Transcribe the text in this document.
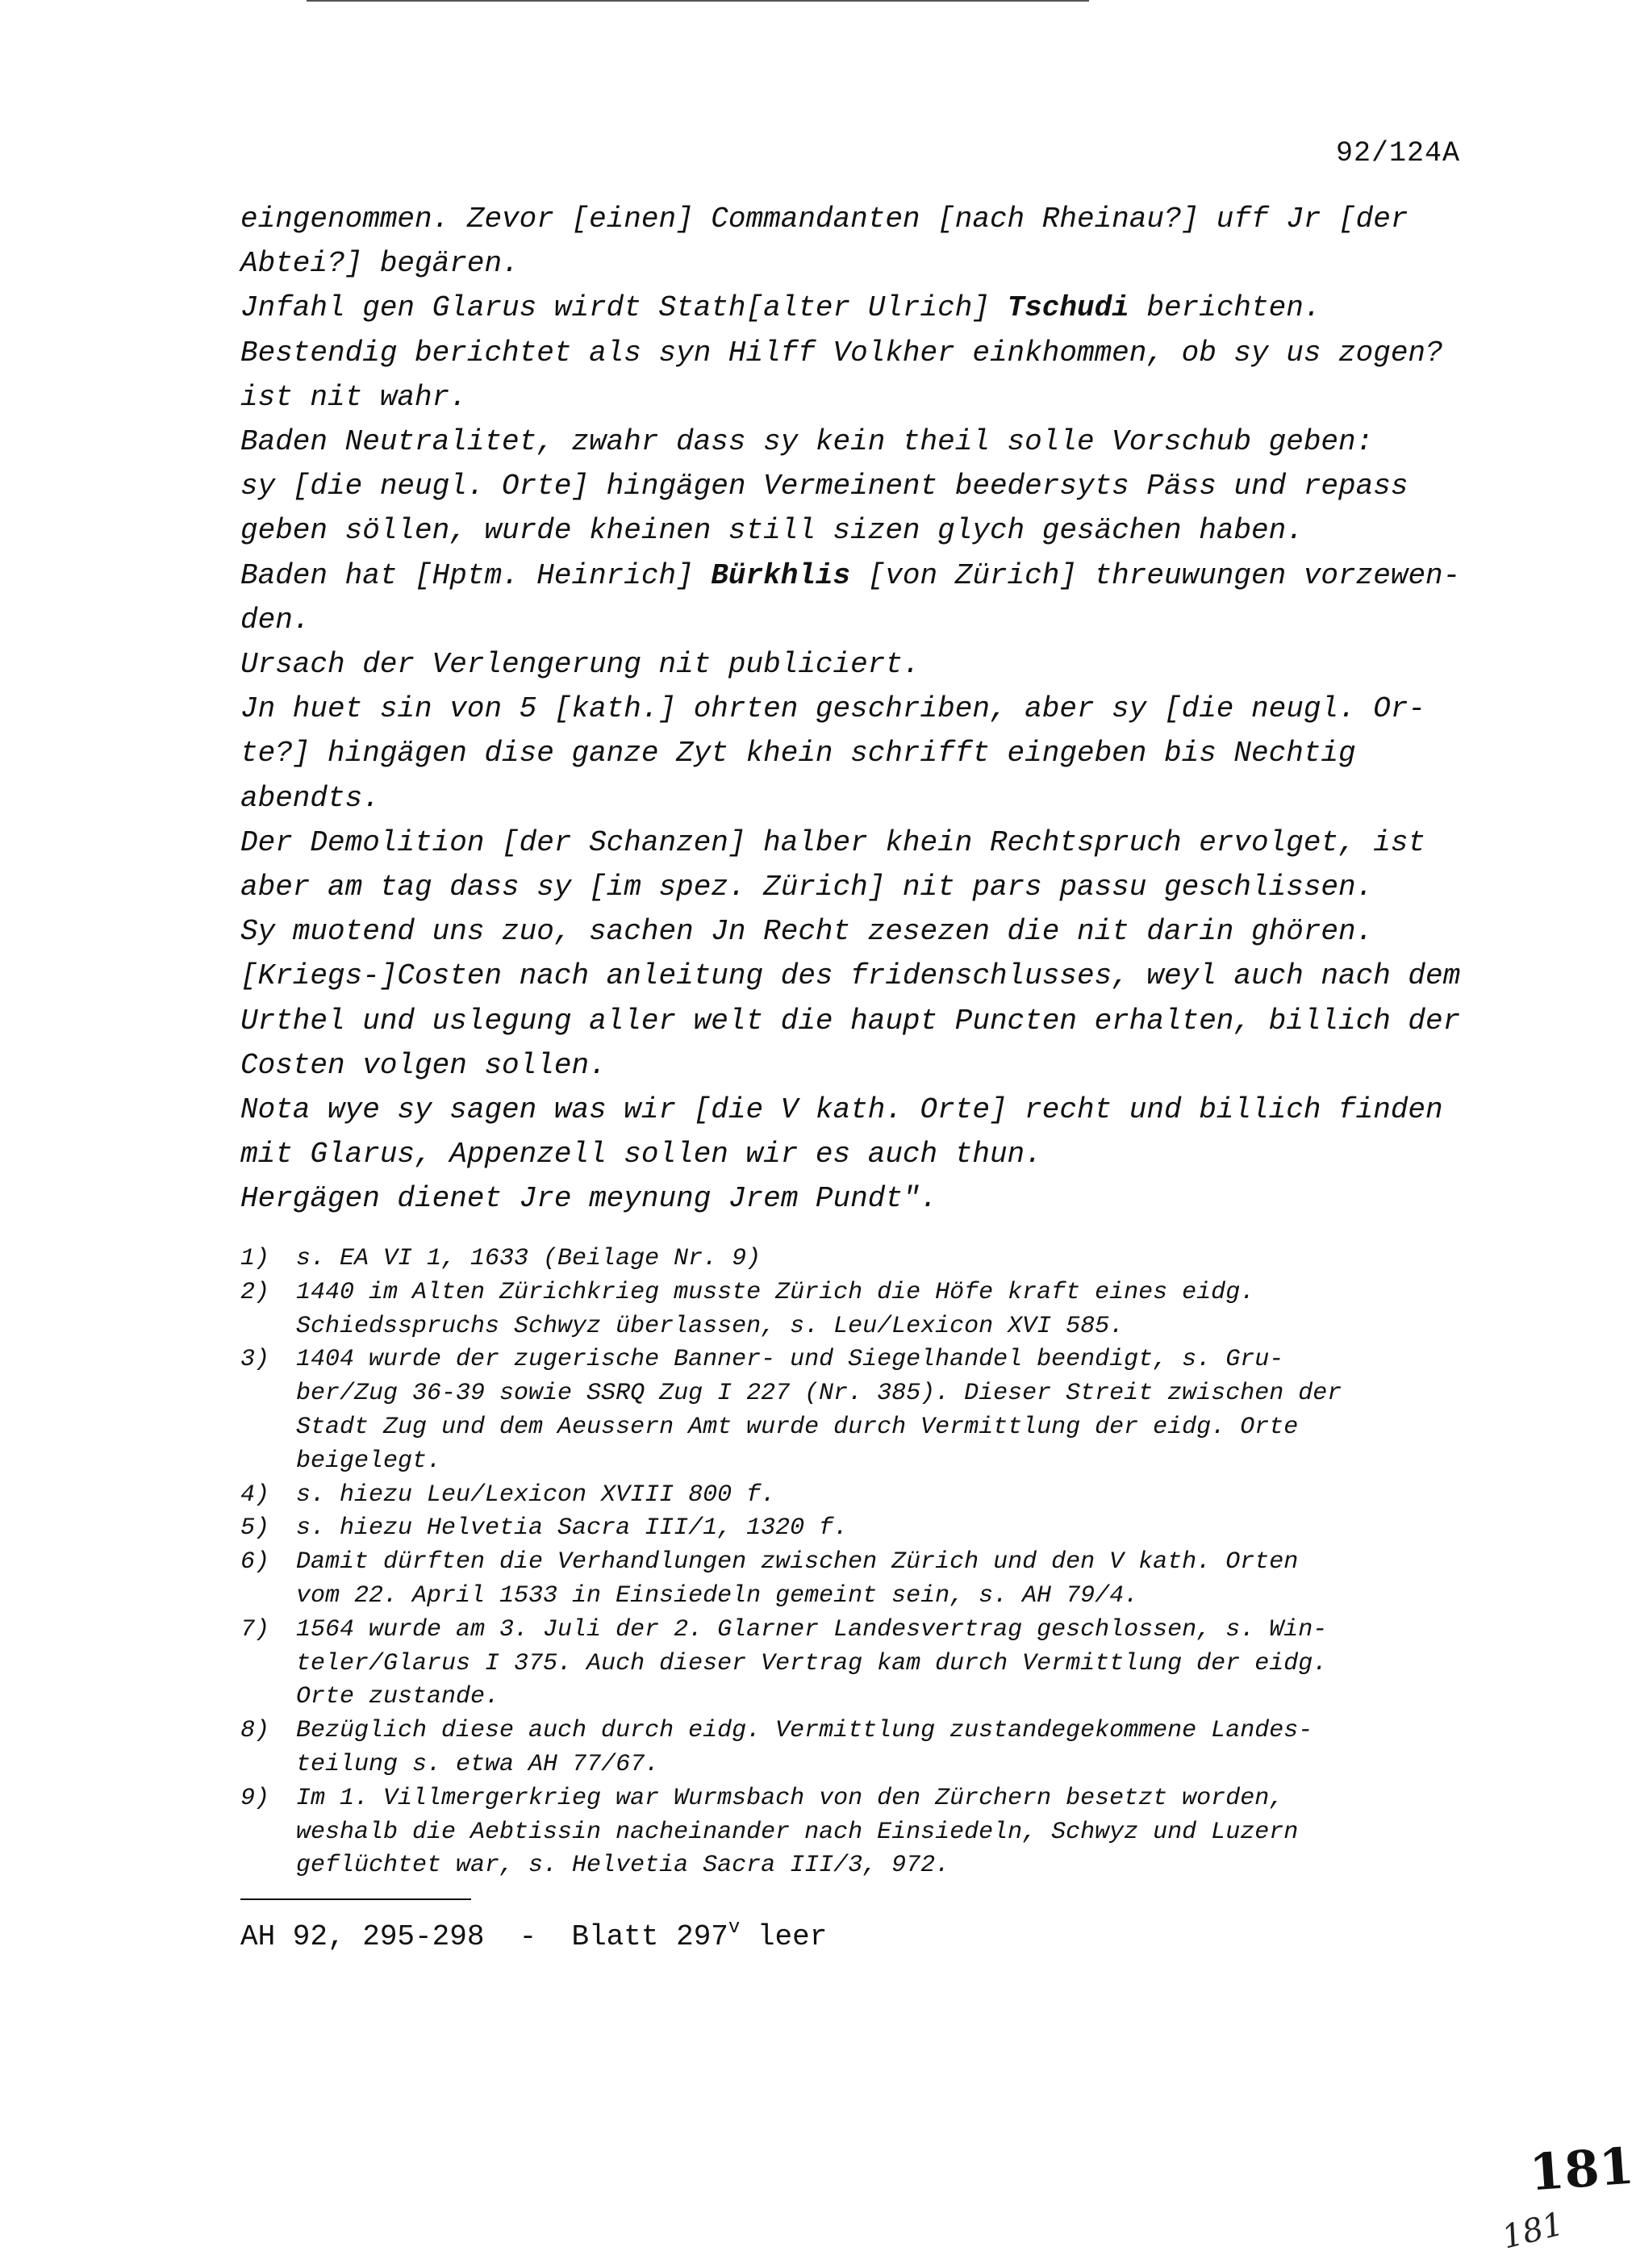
92/124A
eingenommen. Zevor [einen] Commandanten [nach Rheinau?] uff Jr [der
Abtei?] begären.
Jnfahl gen Glarus wirdt Stath[alter Ulrich] Tschudi berichten.
Bestendig berichtet als syn Hilff Volkher einkhommen, ob sy us zogen?
ist nit wahr.
Baden Neutralitet, zwahr dass sy kein theil solle Vorschub geben:
sy [die neugl. Orte] hingägen Vermeinent beedersyts Päss und repass
geben söllen, wurde kheinen still sizen glych gesächen haben.
Baden hat [Hptm. Heinrich] Bürkhlis [von Zürich] threuwungen vorzewen-
den.
Ursach der Verlengerung nit publiciert.
Jn huet sin von 5 [kath.] ohrten geschriben, aber sy [die neugl. Or-
te?] hingägen dise ganze Zyt khein schrifft eingeben bis Nechtig
abendts.
Der Demolition [der Schanzen] halber khein Rechtspruch ervolget, ist
aber am tag dass sy [im spez. Zürich] nit pars passu geschlissen.
Sy muotend uns zuo, sachen Jn Recht zesezen die nit darin ghören.
[Kriegs-]Costen nach anleitung des fridenschlusses, weyl auch nach dem
Urthel und uslegung aller welt die haupt Puncten erhalten, billich der
Costen volgen sollen.
Nota wye sy sagen was wir [die V kath. Orte] recht und billich finden
mit Glarus, Appenzell sollen wir es auch thun.
Hergägen dienet Jre meynung Jrem Pundt".
1)	s. EA VI 1, 1633 (Beilage Nr. 9)
2)	1440 im Alten Zürichkrieg musste Zürich die Höfe kraft eines eidg.
Schiedsspruchs Schwyz überlassen, s. Leu/Lexicon XVI 585.
3)	1404 wurde der zugerische Banner- und Siegelhandel beendigt, s. Gru-
ber/Zug 36-39 sowie SSRQ Zug I 227 (Nr. 385). Dieser Streit zwischen der
Stadt Zug und dem Aeussern Amt wurde durch Vermittlung der eidg. Orte
beigelegt.
4)	s. hiezu Leu/Lexicon XVIII 800 f.
5)	s. hiezu Helvetia Sacra III/1, 1320 f.
6)	Damit dürften die Verhandlungen zwischen Zürich und den V kath. Orten
vom 22. April 1533 in Einsiedeln gemeint sein, s. AH 79/4.
7)	1564 wurde am 3. Juli der 2. Glarner Landesvertrag geschlossen, s. Win-
teler/Glarus I 375. Auch dieser Vertrag kam durch Vermittlung der eidg.
Orte zustande.
8)	Bezüglich diese auch durch eidg. Vermittlung zustandegekommene Landes-
teilung s. etwa AH 77/67.
9)	Im 1. Villmergerkrieg war Wurmsbach von den Zürchern besetzt worden,
weshalb die Aebtissin nacheinander nach Einsiedeln, Schwyz und Luzern
geflüchtet war, s. Helvetia Sacra III/3, 972.
AH 92, 295-298  -  Blatt 297$^v$ leer
181
181
